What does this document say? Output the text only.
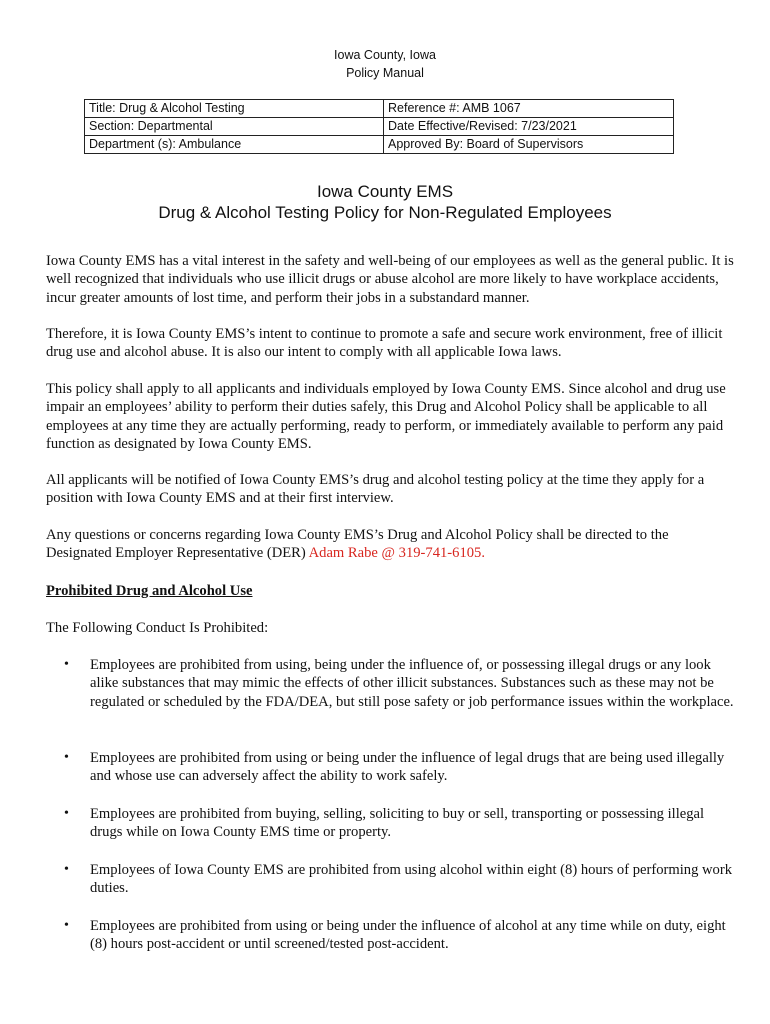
Iowa County, Iowa
Policy Manual
Title: Drug & Alcohol Testing	Reference #: AMB 1067
Section: Departmental	Date Effective/Revised: 7/23/2021
Department (s): Ambulance	Approved By: Board of Supervisors
Iowa County EMS
Drug & Alcohol Testing Policy for Non-Regulated Employees

Iowa County EMS has a vital interest in the safety and well-being of our employees as well as the general public. It is well recognized that individuals who use illicit drugs or abuse alcohol are more likely to have workplace accidents, incur greater amounts of lost time, and perform their jobs in a substandard manner.

Therefore, it is Iowa County EMS’s intent to continue to promote a safe and secure work environment, free of illicit drug use and alcohol abuse. It is also our intent to comply with all applicable Iowa laws.

This policy shall apply to all applicants and individuals employed by Iowa County EMS. Since alcohol and drug use impair an employees’ ability to perform their duties safely, this Drug and Alcohol Policy shall be applicable to all employees at any time they are actually performing, ready to perform, or immediately available to perform any paid function as designated by Iowa County EMS.

All applicants will be notified of Iowa County EMS’s drug and alcohol testing policy at the time they apply for a position with Iowa County EMS and at their first interview.

Any questions or concerns regarding Iowa County EMS’s Drug and Alcohol Policy shall be directed to the Designated Employer Representative (DER) Adam Rabe @ 319-741-6105.

Prohibited Drug and Alcohol Use
The Following Conduct Is Prohibited:
•	Employees are prohibited from using, being under the influence of, or possessing illegal drugs or any look alike substances that may mimic the effects of other illicit substances. Substances such as these may not be regulated or scheduled by the FDA/DEA, but still pose safety or job performance issues within the workplace.
•	Employees are prohibited from using or being under the influence of legal drugs that are being used illegally and whose use can adversely affect the ability to work safely.
•	Employees are prohibited from buying, selling, soliciting to buy or sell, transporting or possessing illegal drugs while on Iowa County EMS time or property.
•	Employees of Iowa County EMS are prohibited from using alcohol within eight (8) hours of performing work duties.
•	Employees are prohibited from using or being under the influence of alcohol at any time while on duty, eight (8) hours post-accident or until screened/tested post-accident.
